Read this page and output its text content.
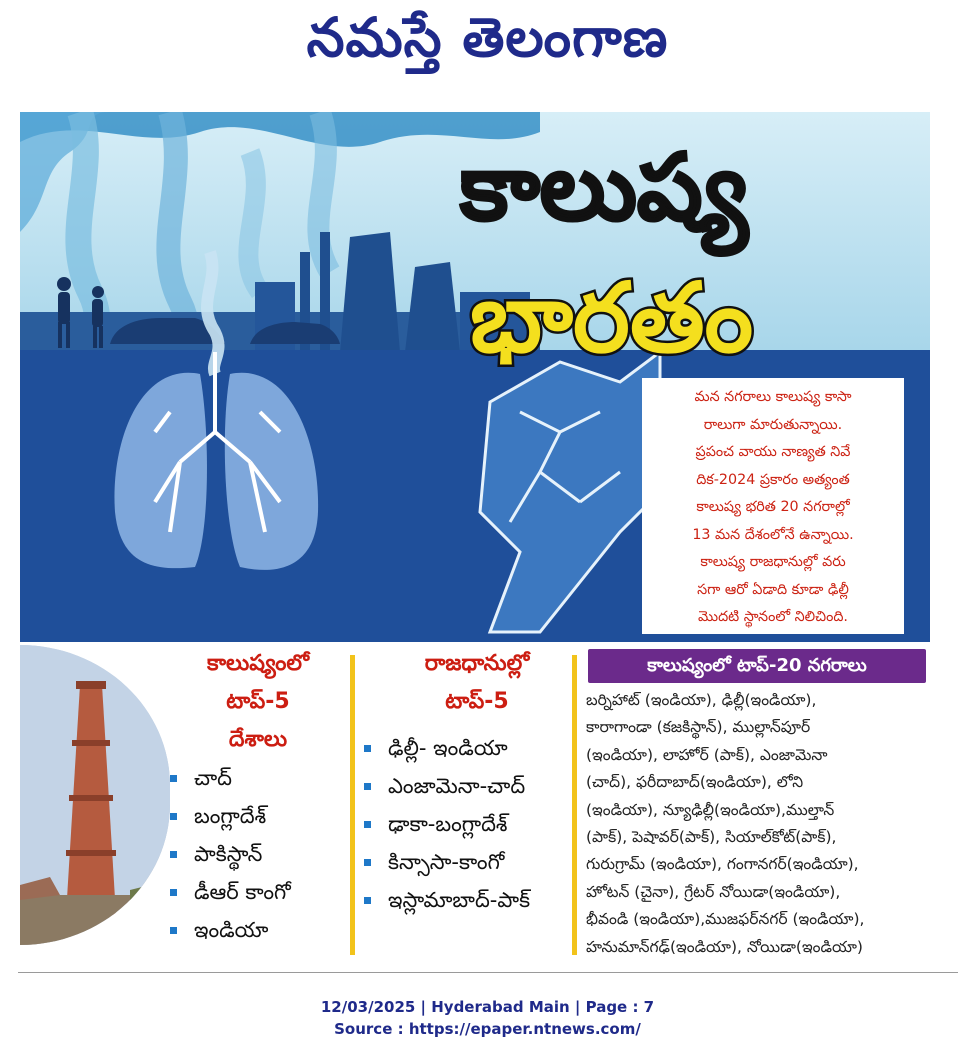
నమస్తే తెలంగాణ
కాలుష్య
భారతం
మన నగరాలు కాలుష్య కాసా
రాలుగా మారుతున్నాయి.
ప్రపంచ వాయు నాణ్యత నివే
దిక-2024 ప్రకారం అత్యంత
కాలుష్య భరిత 20 నగరాల్లో
13 మన దేశంలోనే ఉన్నాయి.
కాలుష్య రాజధానుల్లో వరు
సగా ఆరో ఏడాది కూడా ఢిల్లీ
మొదటి స్థానంలో నిలిచింది.
కాలుష్యంలో
టాప్-5
దేశాలు
చాద్
బంగ్లాదేశ్
పాకిస్థాన్
డీఆర్ కాంగో
ఇండియా
రాజధానుల్లో
టాప్-5
ఢిల్లీ- ఇండియా
ఎంజామెనా-చాద్
ఢాకా-బంగ్లాదేశ్
కిన్సాసా-కాంగో
ఇస్లామాబాద్-పాక్
కాలుష్యంలో టాప్-20 నగరాలు
బర్నిహాట్ (ఇండియా), ఢిల్లీ(ఇండియా),
కారాగాండా (కజకిస్థాన్), ముల్లాన్‌పూర్
(ఇండియా), లాహోర్ (పాక్), ఎంజామెనా
(చాద్), ఫరీదాబాద్(ఇండియా), లోని
(ఇండియా), న్యూఢిల్లీ(ఇండియా),ముల్తాన్
(పాక్), పెషావర్(పాక్), సియాల్‌కోట్(పాక్),
గురుగ్రామ్ (ఇండియా), గంగానగర్(ఇండియా),
హోటన్ (చైనా), గ్రేటర్ నోయిడా(ఇండియా),
భీవండి (ఇండియా),ముజఫర్‌నగర్ (ఇండియా),
హనుమాన్‌గఢ్(ఇండియా), నోయిడా(ఇండియా)
12/03/2025 | Hyderabad Main | Page : 7
Source : https://epaper.ntnews.com/
